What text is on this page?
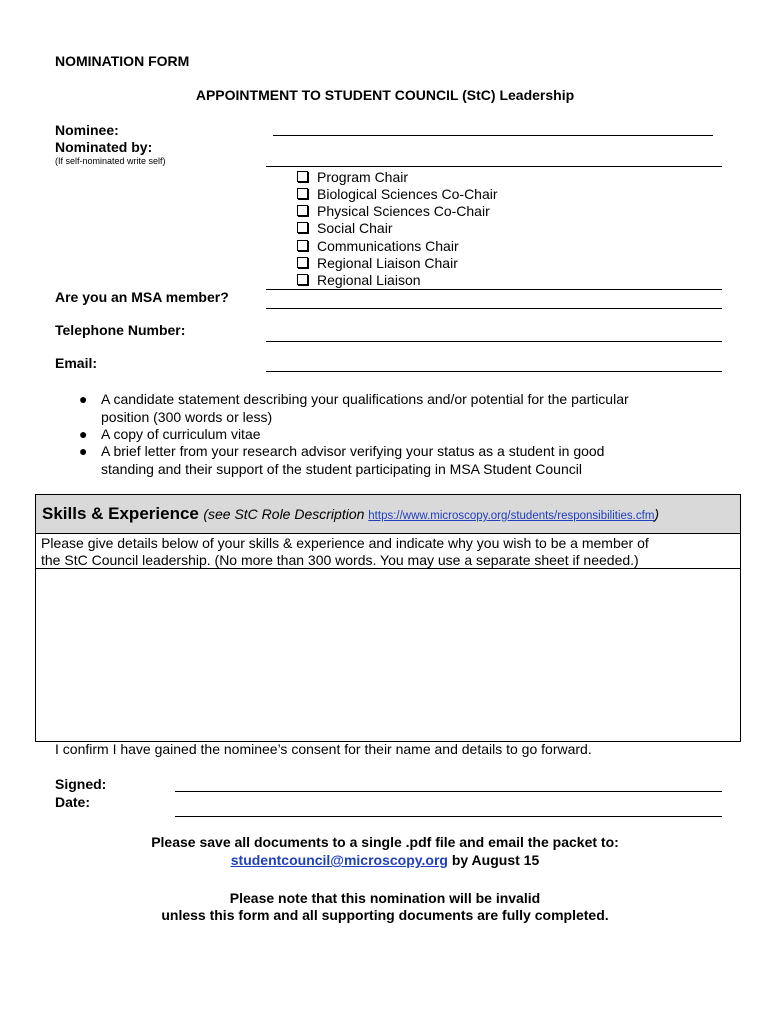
NOMINATION FORM
APPOINTMENT TO STUDENT COUNCIL (StC) Leadership
Nominee:
Nominated by:
(If self-nominated write self)
Program Chair
Biological Sciences Co-Chair
Physical Sciences Co-Chair
Social Chair
Communications Chair
Regional Liaison Chair
Regional Liaison
Are you an MSA member?
Telephone Number:
Email:
● A candidate statement describing your qualifications and/or potential for the particular
position (300 words or less)
● A copy of curriculum vitae
● A brief letter from your research advisor verifying your status as a student in good
standing and their support of the student participating in MSA Student Council
Skills & Experience (see StC Role Description https://www.microscopy.org/students/responsibilities.cfm)
Please give details below of your skills & experience and indicate why you wish to be a member of
the StC Council leadership. (No more than 300 words. You may use a separate sheet if needed.)
I confirm I have gained the nominee’s consent for their name and details to go forward.
Signed:
Date:
Please save all documents to a single .pdf file and email the packet to:
studentcouncil@microscopy.org by August 15
Please note that this nomination will be invalid
unless this form and all supporting documents are fully completed.
